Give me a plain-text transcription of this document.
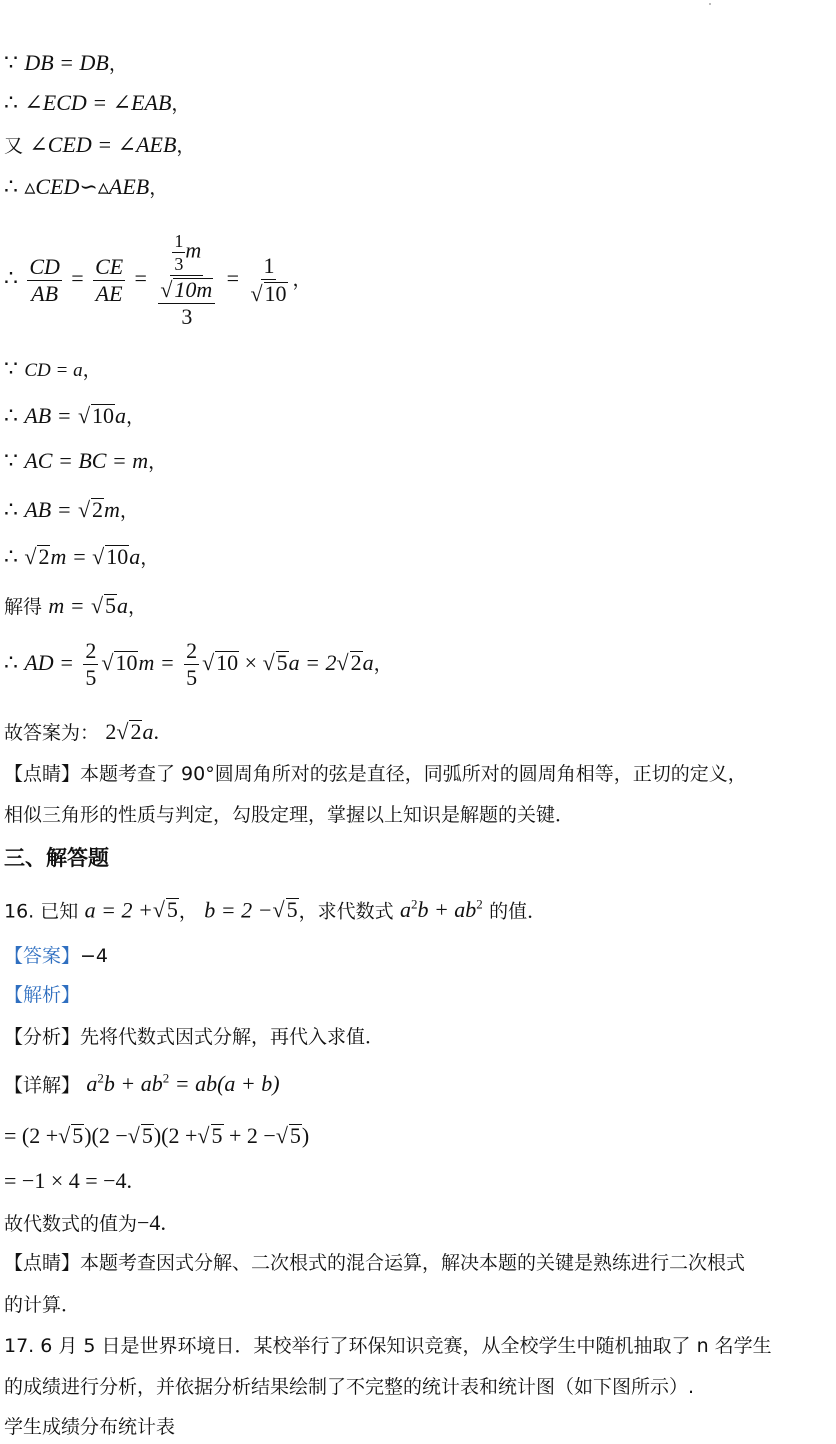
∵ DB = DB，
∴ ∠ECD = ∠EAB，
又 ∠CED = ∠AEB，
∴ ▵CED∽▵AEB，
∴ $\frac{CD}{AB} = \frac{CE}{AE} = \frac{\frac{1}{3} m}{\frac{√10m}{3}} = \frac{1}{√10}$ ，
∵ CD = a，
∴ AB = √10a，
∵ AC = BC = m，
∴ AB = √2m，
∴ √2m = √10a，
解得 m = √5a，
∴ AD = $\frac{2}{5} √10m = \frac{2}{5} √10 \times √5a = 2√2a$，
故答案为： 2√2a.
【点睛】本题考查了 90°圆周角所对的弦是直径，同弧所对的圆周角相等，正切的定义，
相似三角形的性质与判定，勾股定理，掌握以上知识是解题的关键．
三、解答题
16. 已知 a = 2 +√5， b = 2 −√5，求代数式 $a^2b + ab^2$ 的值．
【答案】−4
【解析】
【分析】先将代数式因式分解，再代入求值．
【详解】 $a^2b + ab^2 = ab(a + b)$
= (2 +√5)(2 −√5)(2 +√5 + 2 −√5)
= −1 × 4 = −4.
故代数式的值为−4.
【点睛】本题考查因式分解、二次根式的混合运算，解决本题的关键是熟练进行二次根式
的计算．
17. 6 月 5 日是世界环境日．某校举行了环保知识竞赛，从全校学生中随机抽取了 n 名学生
的成绩进行分析，并依据分析结果绘制了不完整的统计表和统计图（如下图所示）.
学生成绩分布统计表
